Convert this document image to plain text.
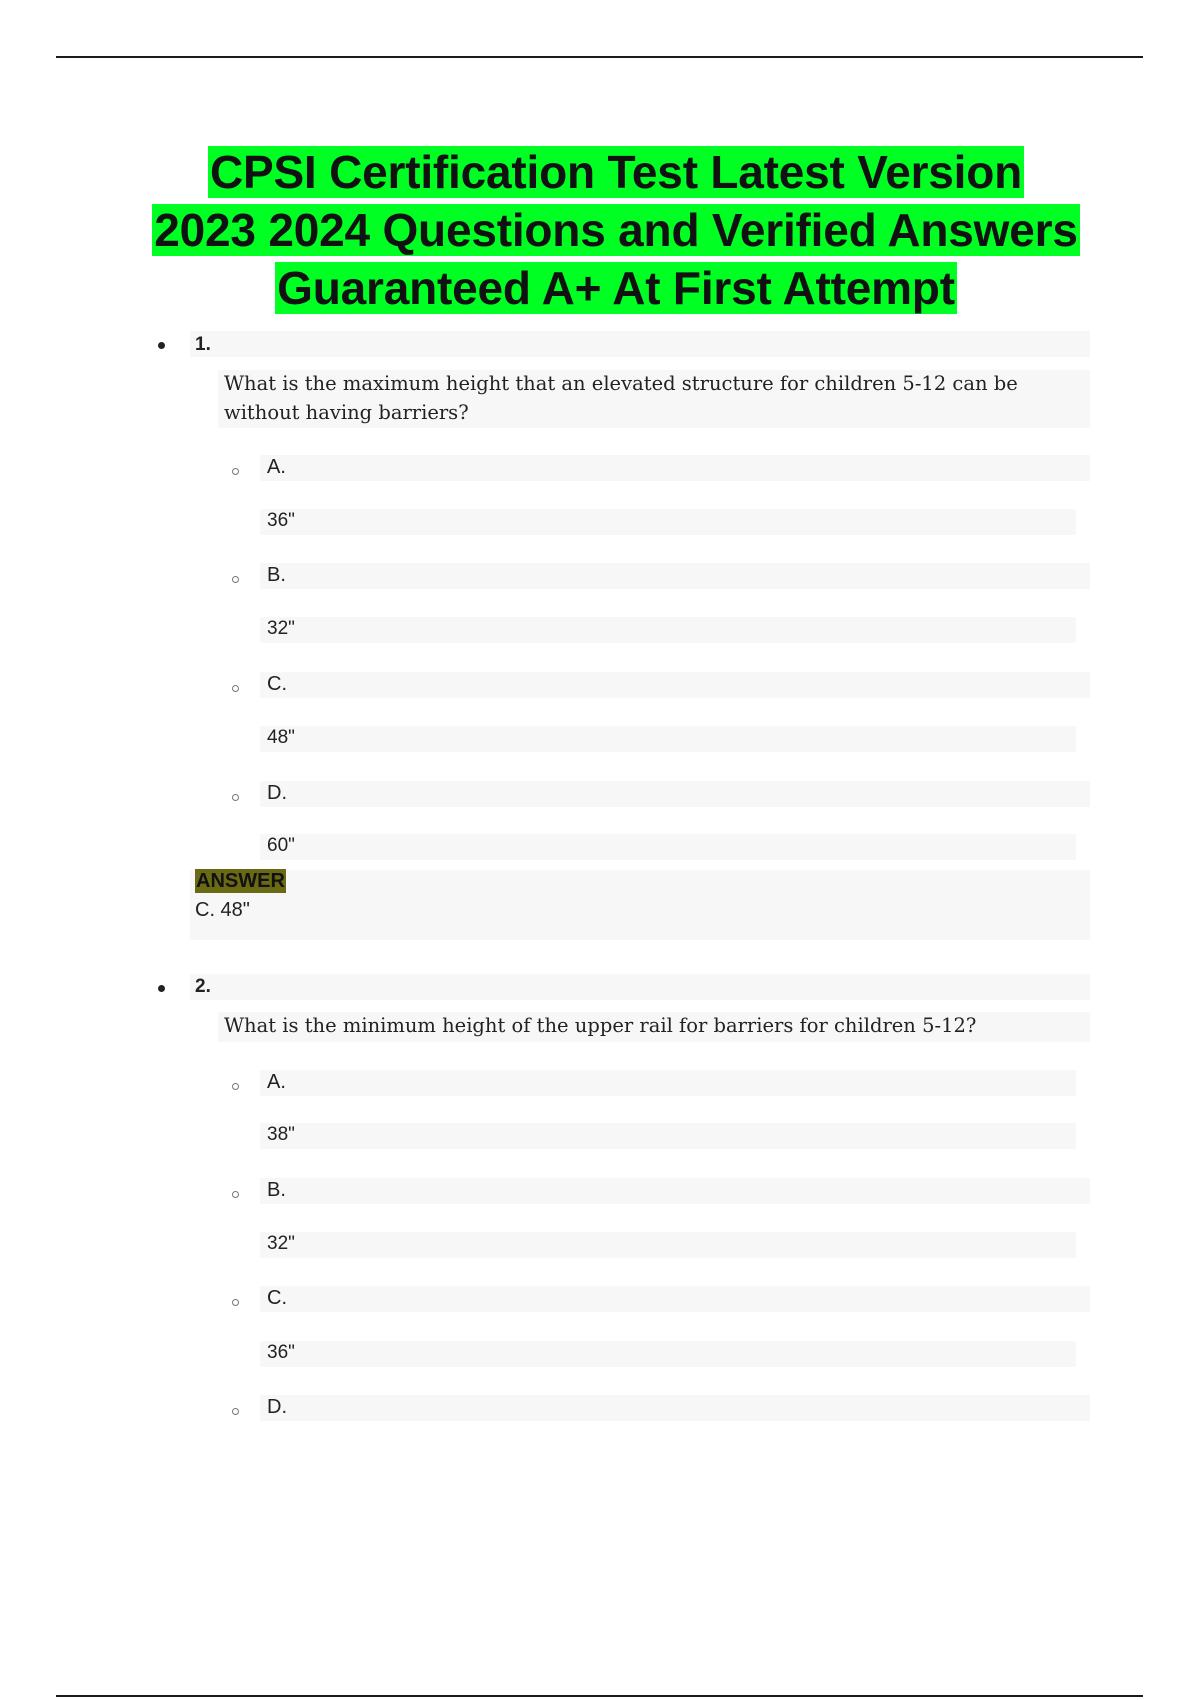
CPSI Certification Test Latest Version
2023 2024 Questions and Verified Answers
Guaranteed A+ At First Attempt
1.
What is the maximum height that an elevated structure for children 5-12 can be without having barriers?
A.
36"
B.
32"
C.
48"
D.
60"
ANSWER
C. 48"
2.
What is the minimum height of the upper rail for barriers for children 5-12?
A.
38"
B.
32"
C.
36"
D.
